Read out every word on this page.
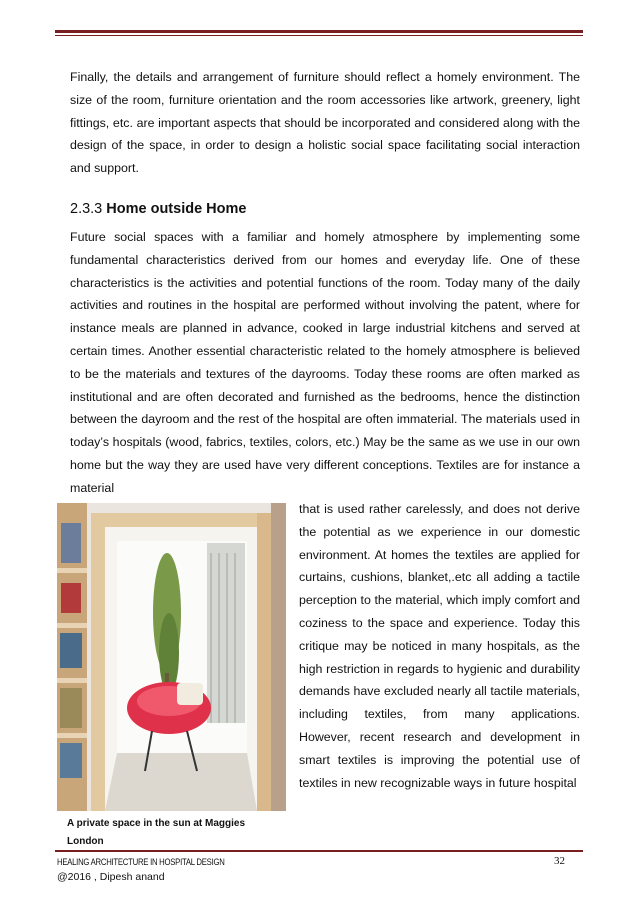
Finally, the details and arrangement of furniture should reflect a homely environment. The size of the room, furniture orientation and the room accessories like artwork, greenery, light fittings, etc. are important aspects that should be incorporated and considered along with the design of the space, in order to design a holistic social space facilitating social interaction and support.

2.3.3 Home outside Home

Future social spaces with a familiar and homely atmosphere by implementing some fundamental characteristics derived from our homes and everyday life. One of these characteristics is the activities and potential functions of the room. Today many of the daily activities and routines in the hospital are performed without involving the patent, where for instance meals are planned in advance, cooked in large industrial kitchens and served at certain times. Another essential characteristic related to the homely atmosphere is believed to be the materials and textures of the dayrooms. Today these rooms are often marked as institutional and are often decorated and furnished as the bedrooms, hence the distinction between the dayroom and the rest of the hospital are often immaterial. The materials used in today’s hospitals (wood, fabrics, textiles, colors, etc.) May be the same as we use in our own home but the way they are used have very different conceptions. Textiles are for instance a material

that is used rather carelessly, and does not derive the potential as we experience in our domestic environment. At homes the textiles are applied for curtains, cushions, blanket,.etc all adding a tactile perception to the material, which imply comfort and coziness to the space and experience. Today this critique may be noticed in many hospitals, as the high restriction in regards to hygienic and durability demands have excluded nearly all tactile materials, including textiles, from many applications. However, recent research and development in smart textiles is improving the potential use of textiles in new recognizable ways in future hospital

A private space in the sun at Maggies London

HEALING ARCHITECTURE IN HOSPITAL DESIGN
@2016 , Dipesh anand
32
